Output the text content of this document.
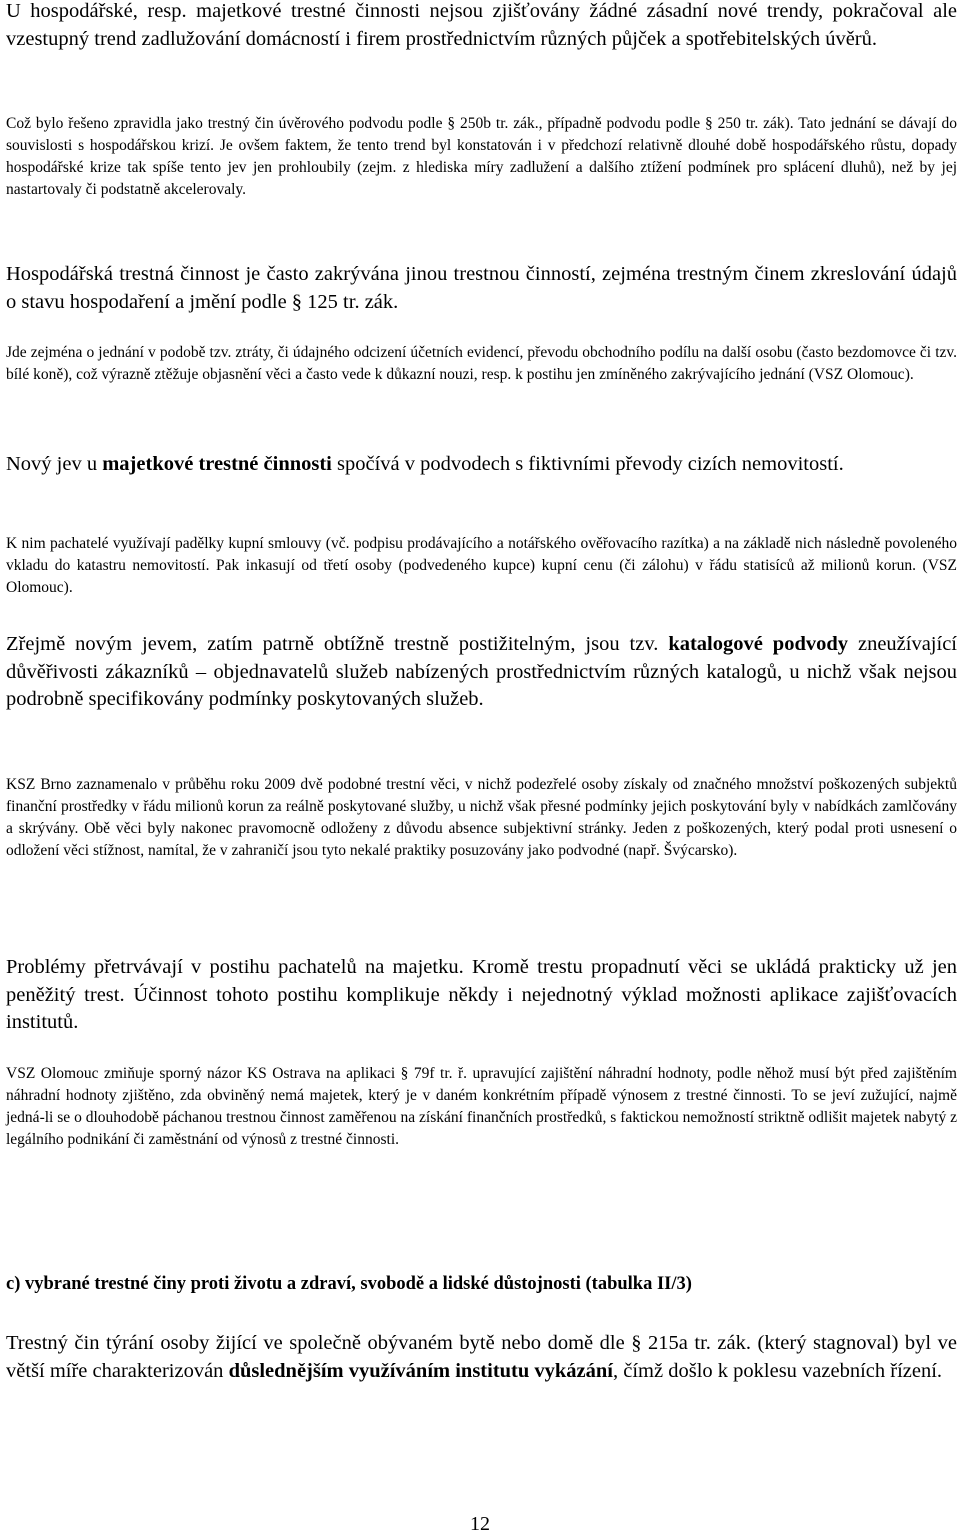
U hospodářské, resp. majetkové trestné činnosti nejsou zjišťovány žádné zásadní nové trendy, pokračoval ale vzestupný trend zadlužování domácností i firem prostřednictvím různých půjček a spotřebitelských úvěrů.

Což bylo řešeno zpravidla jako trestný čin úvěrového podvodu podle § 250b tr. zák., případně podvodu podle § 250 tr. zák). Tato jednání se dávají do souvislosti s hospodářskou krizí. Je ovšem faktem, že tento trend byl konstatován i v předchozí relativně dlouhé době hospodářského růstu, dopady hospodářské krize tak spíše tento jev jen prohloubily (zejm. z hlediska míry zadlužení a dalšího ztížení podmínek pro splácení dluhů), než by jej nastartovaly či podstatně akcelerovaly.

Hospodářská trestná činnost je často zakrývána jinou trestnou činností, zejména trestným činem zkreslování údajů o stavu hospodaření a jmění podle § 125 tr. zák.

Jde zejména o jednání v podobě tzv. ztráty, či údajného odcizení účetních evidencí, převodu obchodního podílu na další osobu (často bezdomovce či tzv. bílé koně), což výrazně ztěžuje objasnění věci a často vede k důkazní nouzi, resp. k postihu jen zmíněného zakrývajícího jednání (VSZ Olomouc).

Nový jev u majetkové trestné činnosti spočívá v podvodech s fiktivními převody cizích nemovitostí.

K nim pachatelé využívají padělky kupní smlouvy (vč. podpisu prodávajícího a notářského ověřovacího razítka) a na základě nich následně povoleného vkladu do katastru nemovitostí. Pak inkasují od třetí osoby (podvedeného kupce) kupní cenu (či zálohu) v řádu statisíců až milionů korun. (VSZ Olomouc).

Zřejmě novým jevem, zatím patrně obtížně trestně postižitelným, jsou tzv. katalogové podvody zneužívající důvěřivosti zákazníků – objednavatelů služeb nabízených prostřednictvím různých katalogů, u nichž však nejsou podrobně specifikovány podmínky poskytovaných služeb.

KSZ Brno zaznamenalo v průběhu roku 2009 dvě podobné trestní věci, v nichž podezřelé osoby získaly od značného množství poškozených subjektů finanční prostředky v řádu milionů korun za reálně poskytované služby, u nichž však přesné podmínky jejich poskytování byly v nabídkách zamlčovány a skrývány. Obě věci byly nakonec pravomocně odloženy z důvodu absence subjektivní stránky. Jeden z poškozených, který podal proti usnesení o odložení věci stížnost, namítal, že v zahraničí jsou tyto nekalé praktiky posuzovány jako podvodné (např. Švýcarsko).

Problémy přetrvávají v postihu pachatelů na majetku. Kromě trestu propadnutí věci se ukládá prakticky už jen peněžitý trest. Účinnost tohoto postihu komplikuje někdy i nejednotný výklad možnosti aplikace zajišťovacích institutů.

VSZ Olomouc zmiňuje sporný názor KS Ostrava na aplikaci § 79f tr. ř. upravující zajištění náhradní hodnoty, podle něhož musí být před zajištěním náhradní hodnoty zjištěno, zda obviněný nemá majetek, který je v daném konkrétním případě výnosem z trestné činnosti. To se jeví zužující, najmě jedná-li se o dlouhodobě páchanou trestnou činnost zaměřenou na získání finančních prostředků, s faktickou nemožností striktně odlišit majetek nabytý z legálního podnikání či zaměstnání od výnosů z trestné činnosti.

c) vybrané trestné činy proti životu a zdraví, svobodě a lidské důstojnosti (tabulka II/3)

Trestný čin týrání osoby žijící ve společně obývaném bytě nebo domě dle § 215a tr. zák. (který stagnoval) byl ve větší míře charakterizován důslednějším využíváním institutu vykázání, čímž došlo k poklesu vazebních řízení.

12
